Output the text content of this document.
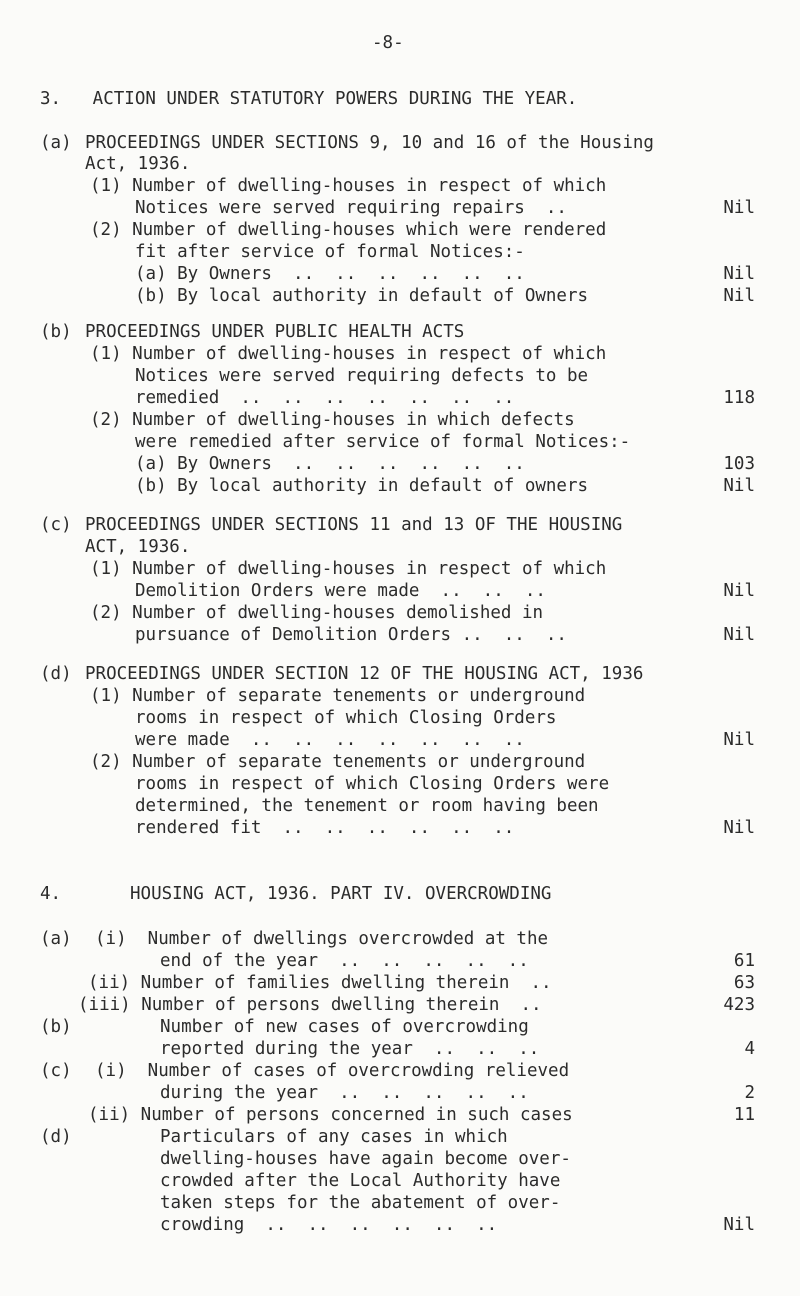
-8-
3.   ACTION UNDER STATUTORY POWERS DURING THE YEAR.
(a) PROCEEDINGS UNDER SECTIONS 9, 10 and 16 of the Housing
Act, 1936.
(1) Number of dwelling-houses in respect of which
Notices were served requiring repairs  ..	Nil
(2) Number of dwelling-houses which were rendered
fit after service of formal Notices:-
(a) By Owners  ..  ..  ..  ..  ..  ..	Nil
(b) By local authority in default of Owners	Nil
(b) PROCEEDINGS UNDER PUBLIC HEALTH ACTS
(1) Number of dwelling-houses in respect of which
Notices were served requiring defects to be
remedied  ..  ..  ..  ..  ..  ..  ..	118
(2) Number of dwelling-houses in which defects
were remedied after service of formal Notices:-
(a) By Owners  ..  ..  ..  ..  ..  ..	103
(b) By local authority in default of owners	Nil
(c) PROCEEDINGS UNDER SECTIONS 11 and 13 OF THE HOUSING
ACT, 1936.
(1) Number of dwelling-houses in respect of which
Demolition Orders were made  ..  ..  ..	Nil
(2) Number of dwelling-houses demolished in
pursuance of Demolition Orders ..  ..  ..	Nil
(d) PROCEEDINGS UNDER SECTION 12 OF THE HOUSING ACT, 1936
(1) Number of separate tenements or underground
rooms in respect of which Closing Orders
were made  ..  ..  ..  ..  ..  ..  ..	Nil
(2) Number of separate tenements or underground
rooms in respect of which Closing Orders were
determined, the tenement or room having been
rendered fit  ..  ..  ..  ..  ..  ..	Nil
4.	HOUSING ACT, 1936. PART IV. OVERCROWDING
(a) (i)  Number of dwellings overcrowded at the
end of the year  ..  ..  ..  ..  ..	61
(ii) Number of families dwelling therein  ..	63
(iii) Number of persons dwelling therein  ..	423
(b)	Number of new cases of overcrowding
reported during the year  ..  ..  ..	4
(c) (i)  Number of cases of overcrowding relieved
during the year  ..  ..  ..  ..  ..	2
(ii) Number of persons concerned in such cases	11
(d)	Particulars of any cases in which
dwelling-houses have again become over-
crowded after the Local Authority have
taken steps for the abatement of over-
crowding  ..  ..  ..  ..  ..  ..	Nil
